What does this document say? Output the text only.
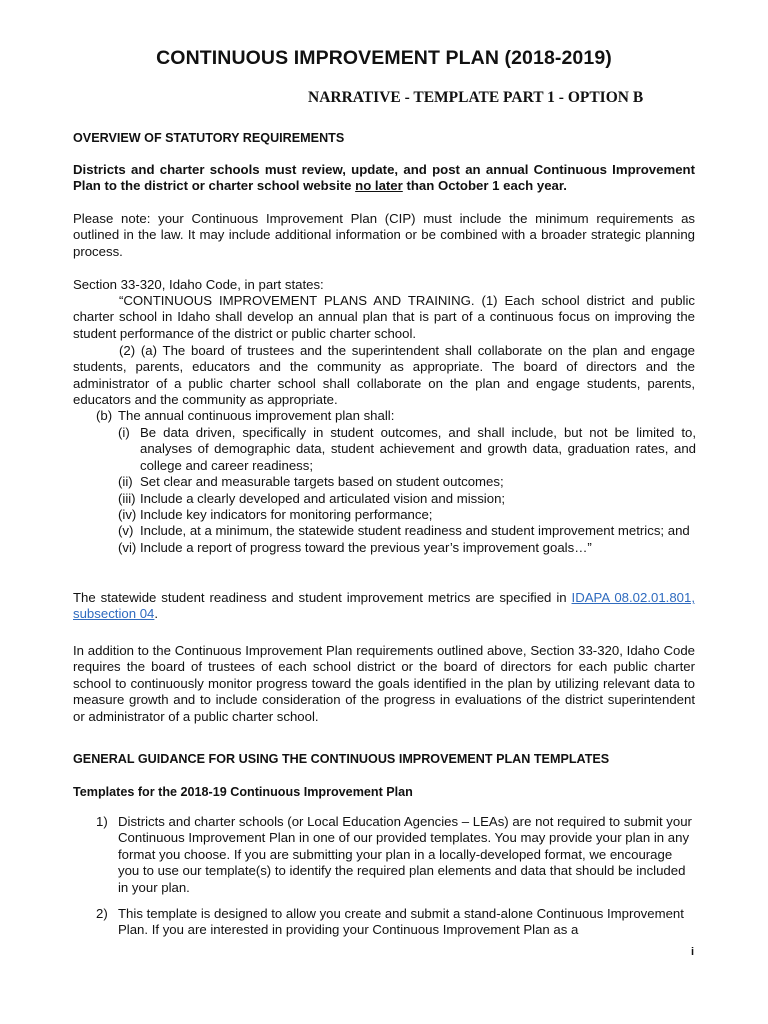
CONTINUOUS IMPROVEMENT PLAN (2018-2019)
NARRATIVE - TEMPLATE PART 1 - OPTION B

OVERVIEW OF STATUTORY REQUIREMENTS

Districts and charter schools must review, update, and post an annual Continuous Improvement Plan to the district or charter school website no later than October 1 each year.

Please note: your Continuous Improvement Plan (CIP) must include the minimum requirements as outlined in the law. It may include additional information or be combined with a broader strategic planning process.

Section 33-320, Idaho Code, in part states:

“CONTINUOUS IMPROVEMENT PLANS AND TRAINING. (1) Each school district and public charter school in Idaho shall develop an annual plan that is part of a continuous focus on improving the student performance of the district or public charter school.

(2) (a) The board of trustees and the superintendent shall collaborate on the plan and engage students, parents, educators and the community as appropriate. The board of directors and the administrator of a public charter school shall collaborate on the plan and engage students, parents, educators and the community as appropriate.

(b) The annual continuous improvement plan shall:
(i) Be data driven, specifically in student outcomes, and shall include, but not be limited to, analyses of demographic data, student achievement and growth data, graduation rates, and college and career readiness;
(ii) Set clear and measurable targets based on student outcomes;
(iii) Include a clearly developed and articulated vision and mission;
(iv) Include key indicators for monitoring performance;
(v) Include, at a minimum, the statewide student readiness and student improvement metrics; and
(vi) Include a report of progress toward the previous year’s improvement goals…”

The statewide student readiness and student improvement metrics are specified in IDAPA 08.02.01.801, subsection 04.

In addition to the Continuous Improvement Plan requirements outlined above, Section 33-320, Idaho Code requires the board of trustees of each school district or the board of directors for each public charter school to continuously monitor progress toward the goals identified in the plan by utilizing relevant data to measure growth and to include consideration of the progress in evaluations of the district superintendent or administrator of a public charter school.

GENERAL GUIDANCE FOR USING THE CONTINUOUS IMPROVEMENT PLAN TEMPLATES

Templates for the 2018-19 Continuous Improvement Plan

1) Districts and charter schools (or Local Education Agencies – LEAs) are not required to submit your Continuous Improvement Plan in one of our provided templates. You may provide your plan in any format you choose. If you are submitting your plan in a locally-developed format, we encourage you to use our template(s) to identify the required plan elements and data that should be included in your plan.
2) This template is designed to allow you create and submit a stand-alone Continuous Improvement Plan. If you are interested in providing your Continuous Improvement Plan as a
i
